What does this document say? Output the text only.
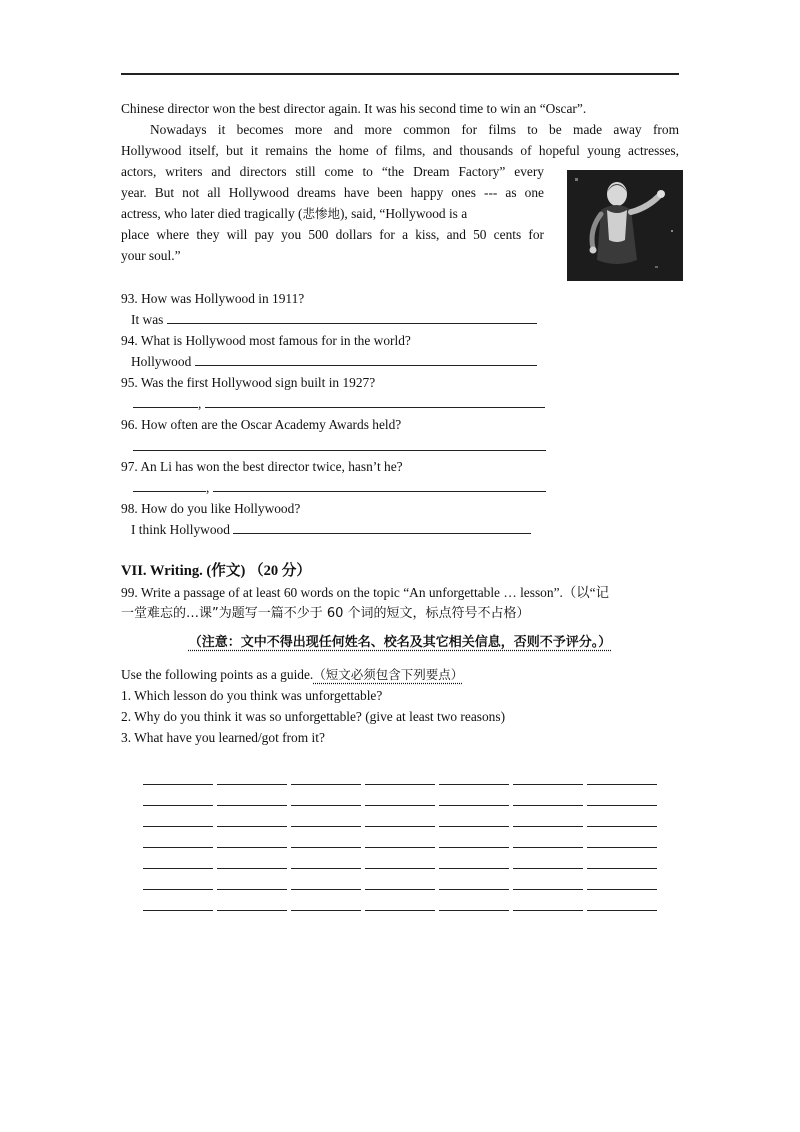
Chinese director won the best director again. It was his second time to win an “Oscar”.
Nowadays it becomes more and more common for films to be made away from
Hollywood itself, but it remains the home of films, and thousands of hopeful young actresses,
actors, writers and directors still come to “the Dream Factory” every
year. But not all Hollywood dreams have been happy ones --- as one
actress, who later died tragically (悲惨地), said, “Hollywood is a
place where they will pay you 500 dollars for a kiss, and 50 cents for
your soul.”
93. How was Hollywood in 1911?
It was
94. What is Hollywood most famous for in the world?
Hollywood
95. Was the first Hollywood sign built in 1927?
,
96. How often are the Oscar Academy Awards held?
97. An Li has won the best director twice, hasn’t he?
,
98. How do you like Hollywood?
I think Hollywood
VII. Writing. (作文) （20 分）
99. Write a passage of at least 60 words on the topic “An unforgettable … lesson”.（以“记
一堂难忘的…课”为题写一篇不少于 60 个词的短文，标点符号不占格）
（注意：文中不得出现任何姓名、校名及其它相关信息，否则不予评分。）
Use the following points as a guide.（短文必须包含下列要点）
1. Which lesson do you think was unforgettable?
2. Why do you think it was so unforgettable? (give at least two reasons)
3. What have you learned/got from it?
